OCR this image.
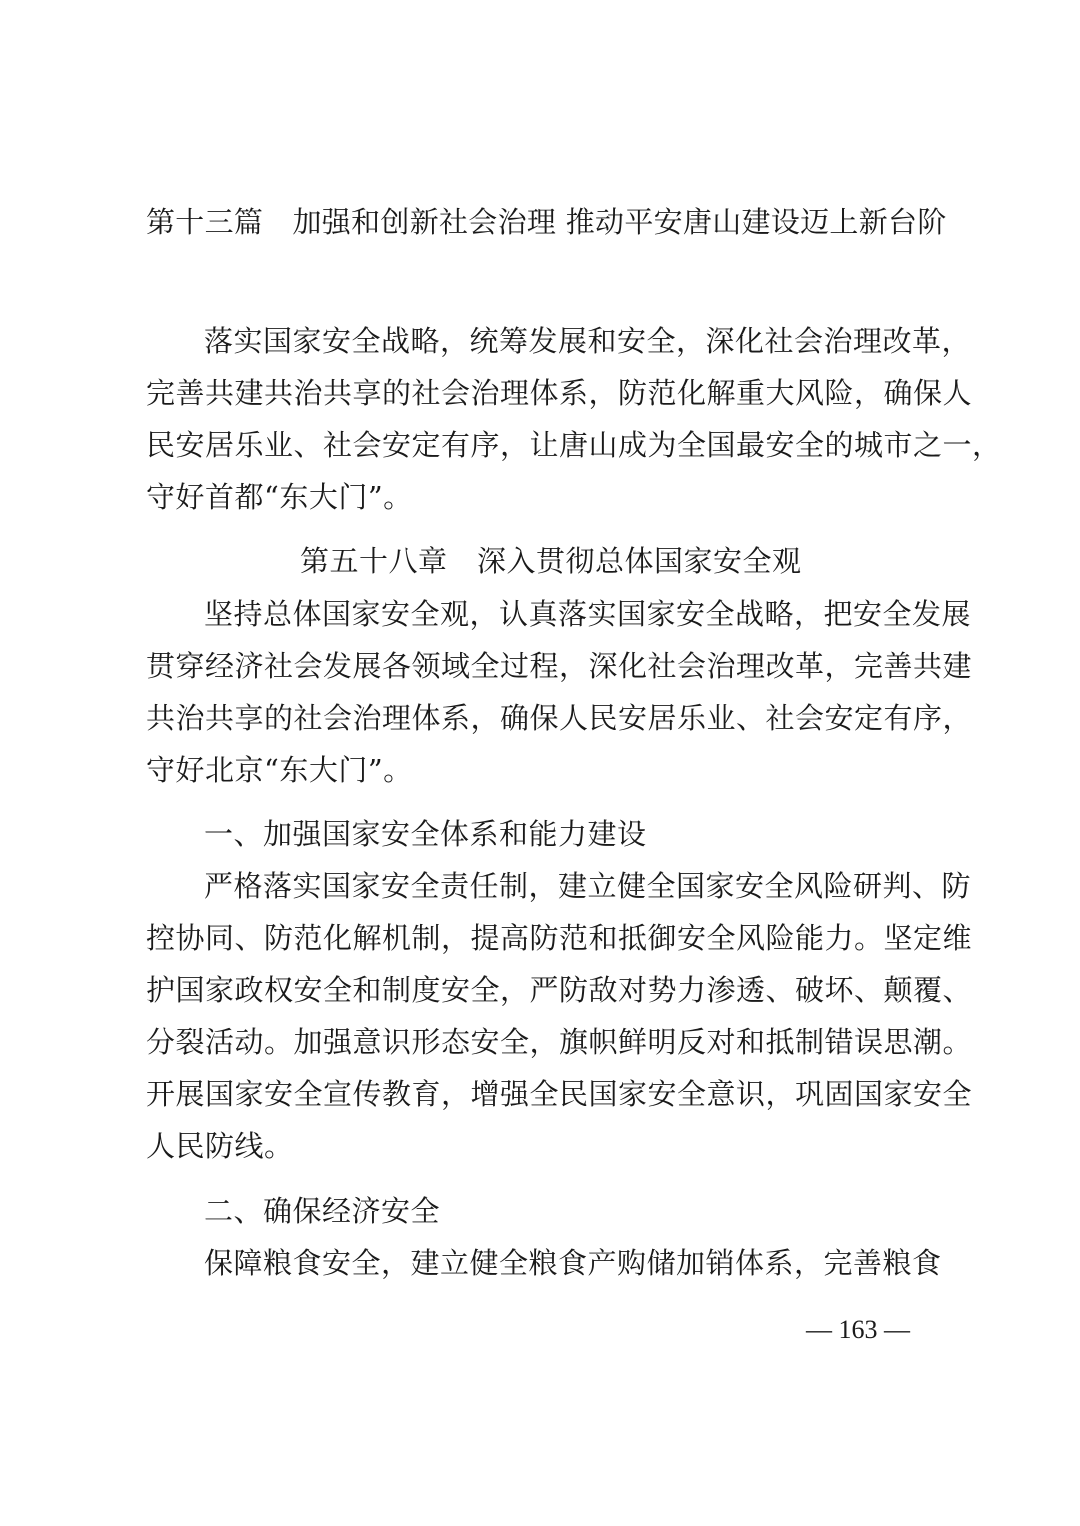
第十三篇　加强和创新社会治理 推动平安唐山建设迈上新台阶
落实国家安全战略，统筹发展和安全，深化社会治理改革，
完善共建共治共享的社会治理体系，防范化解重大风险，确保人
民安居乐业、社会安定有序，让唐山成为全国最安全的城市之一，
守好首都“东大门”。
第五十八章　深入贯彻总体国家安全观
坚持总体国家安全观，认真落实国家安全战略，把安全发展
贯穿经济社会发展各领域全过程，深化社会治理改革，完善共建
共治共享的社会治理体系，确保人民安居乐业、社会安定有序，
守好北京“东大门”。
一、加强国家安全体系和能力建设
严格落实国家安全责任制，建立健全国家安全风险研判、防
控协同、防范化解机制，提高防范和抵御安全风险能力。坚定维
护国家政权安全和制度安全，严防敌对势力渗透、破坏、颠覆、
分裂活动。加强意识形态安全，旗帜鲜明反对和抵制错误思潮。
开展国家安全宣传教育，增强全民国家安全意识，巩固国家安全
人民防线。
二、确保经济安全
保障粮食安全，建立健全粮食产购储加销体系，完善粮食
— 163 —
